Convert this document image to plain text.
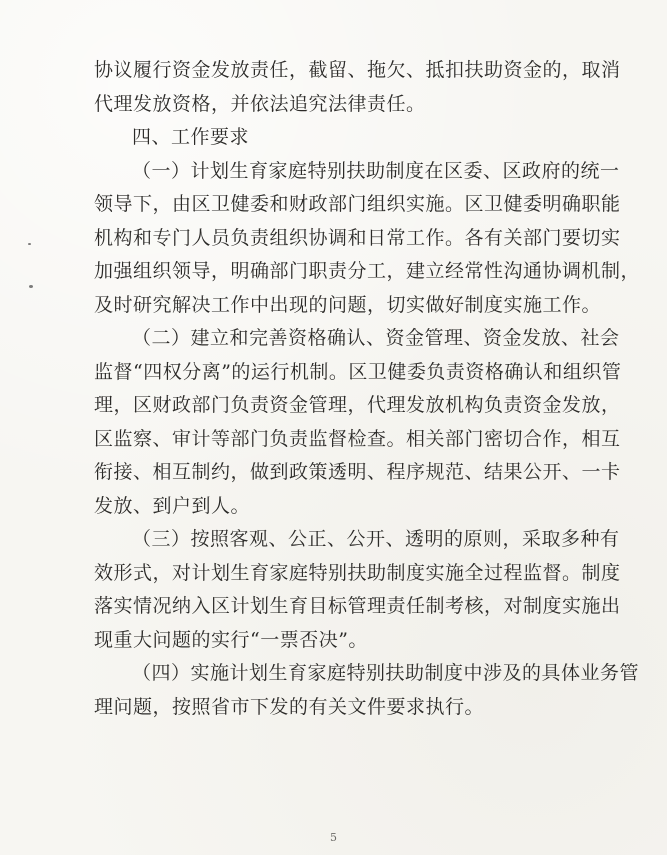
协议履行资金发放责任，截留、拖欠、抵扣扶助资金的，取消
代理发放资格，并依法追究法律责任。
四、工作要求
（一）计划生育家庭特别扶助制度在区委、区政府的统一
领导下，由区卫健委和财政部门组织实施。区卫健委明确职能
机构和专门人员负责组织协调和日常工作。各有关部门要切实
加强组织领导，明确部门职责分工，建立经常性沟通协调机制，
及时研究解决工作中出现的问题，切实做好制度实施工作。
（二）建立和完善资格确认、资金管理、资金发放、社会
监督“四权分离”的运行机制。区卫健委负责资格确认和组织管
理，区财政部门负责资金管理，代理发放机构负责资金发放，
区监察、审计等部门负责监督检查。相关部门密切合作，相互
衔接、相互制约，做到政策透明、程序规范、结果公开、一卡
发放、到户到人。
（三）按照客观、公正、公开、透明的原则，采取多种有
效形式，对计划生育家庭特别扶助制度实施全过程监督。制度
落实情况纳入区计划生育目标管理责任制考核，对制度实施出
现重大问题的实行“一票否决”。
（四）实施计划生育家庭特别扶助制度中涉及的具体业务管
理问题，按照省市下发的有关文件要求执行。
5
